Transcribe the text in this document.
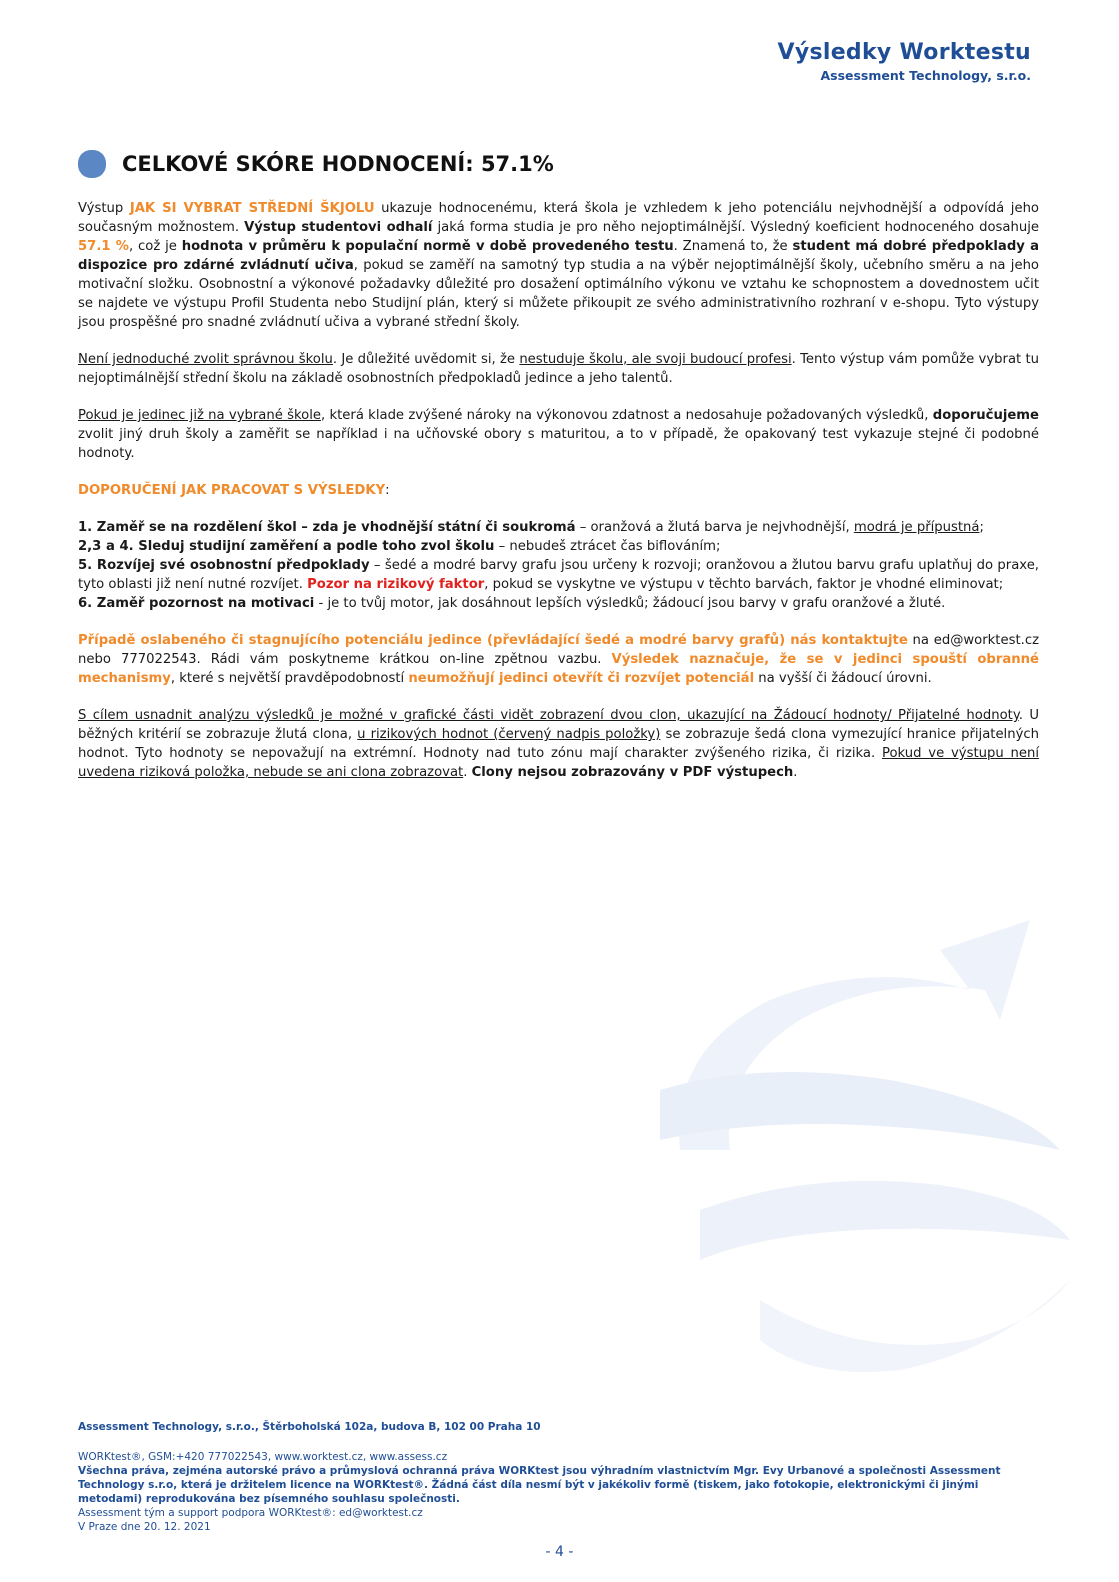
Výsledky Worktestu
Assessment Technology, s.r.o.
CELKOVÉ SKÓRE HODNOCENÍ: 57.1%

Výstup JAK SI VYBRAT STŘEDNÍ ŠKJOLU ukazuje hodnocenému, která škola je vzhledem k jeho potenciálu nejvhodnější a odpovídá jeho současným možnostem. Výstup studentovi odhalí jaká forma studia je pro něho nejoptimálnější. Výsledný koeficient hodnoceného dosahuje 57.1 %, což je hodnota v průměru k populační normě v době provedeného testu. Znamená to, že student má dobré předpoklady a dispozice pro zdárné zvládnutí učiva, pokud se zaměří na samotný typ studia a na výběr nejoptimálnější školy, učebního směru a na jeho motivační složku. Osobnostní a výkonové požadavky důležité pro dosažení optimálního výkonu ve vztahu ke schopnostem a dovednostem učit se najdete ve výstupu Profil Studenta nebo Studijní plán, který si můžete přikoupit ze svého administrativního rozhraní v e-shopu. Tyto výstupy jsou prospěšné pro snadné zvládnutí učiva a vybrané střední školy.

Není jednoduché zvolit správnou školu. Je důležité uvědomit si, že nestuduje školu, ale svoji budoucí profesi. Tento výstup vám pomůže vybrat tu nejoptimálnější střední školu na základě osobnostních předpokladů jedince a jeho talentů.

Pokud je jedinec již na vybrané škole, která klade zvýšené nároky na výkonovou zdatnost a nedosahuje požadovaných výsledků, doporučujeme zvolit jiný druh školy a zaměřit se například i na učňovské obory s maturitou, a to v případě, že opakovaný test vykazuje stejné či podobné hodnoty.

DOPORUČENÍ JAK PRACOVAT S VÝSLEDKY:

1. Zaměř se na rozdělení škol – zda je vhodnější státní či soukromá – oranžová a žlutá barva je nejvhodnější, modrá je přípustná;

2,3 a 4. Sleduj studijní zaměření a podle toho zvol školu – nebudeš ztrácet čas biflováním;

5. Rozvíjej své osobnostní předpoklady – šedé a modré barvy grafu jsou určeny k rozvoji; oranžovou a žlutou barvu grafu uplatňuj do praxe, tyto oblasti již není nutné rozvíjet. Pozor na rizikový faktor, pokud se vyskytne ve výstupu v těchto barvách, faktor je vhodné eliminovat;

6. Zaměř pozornost na motivaci - je to tvůj motor, jak dosáhnout lepších výsledků; žádoucí jsou barvy v grafu oranžové a žluté.

Případě oslabeného či stagnujícího potenciálu jedince (převládající šedé a modré barvy grafů) nás kontaktujte na ed@worktest.cz nebo 777022543. Rádi vám poskytneme krátkou on-line zpětnou vazbu. Výsledek naznačuje, že se v jedinci spouští obranné mechanismy, které s největší pravděpodobností neumožňují jedinci otevřít či rozvíjet potenciál na vyšší či žádoucí úrovni.

S cílem usnadnit analýzu výsledků je možné v grafické části vidět zobrazení dvou clon, ukazující na Žádoucí hodnoty/ Přijatelné hodnoty. U běžných kritérií se zobrazuje žlutá clona, u rizikových hodnot (červený nadpis položky) se zobrazuje šedá clona vymezující hranice přijatelných hodnot. Tyto hodnoty se nepovažují na extrémní. Hodnoty nad tuto zónu mají charakter zvýšeného rizika, či rizika. Pokud ve výstupu není uvedena riziková položka, nebude se ani clona zobrazovat. Clony nejsou zobrazovány v PDF výstupech.

Assessment Technology, s.r.o., Štěrboholská 102a, budova B, 102 00 Praha 10
WORKtest®, GSM:+420 777022543, www.worktest.cz, www.assess.cz
Všechna práva, zejména autorské právo a průmyslová ochranná práva WORKtest jsou výhradním vlastnictvím Mgr. Evy Urbanové a společnosti Assessment Technology s.r.o, která je držitelem licence na WORKtest®. Žádná část díla nesmí být v jakékoliv formě (tiskem, jako fotokopie, elektronickými či jinými metodami) reprodukována bez písemného souhlasu společnosti.
Assessment tým a support podpora WORKtest®: ed@worktest.cz
V Praze dne 20. 12. 2021
- 4 -
